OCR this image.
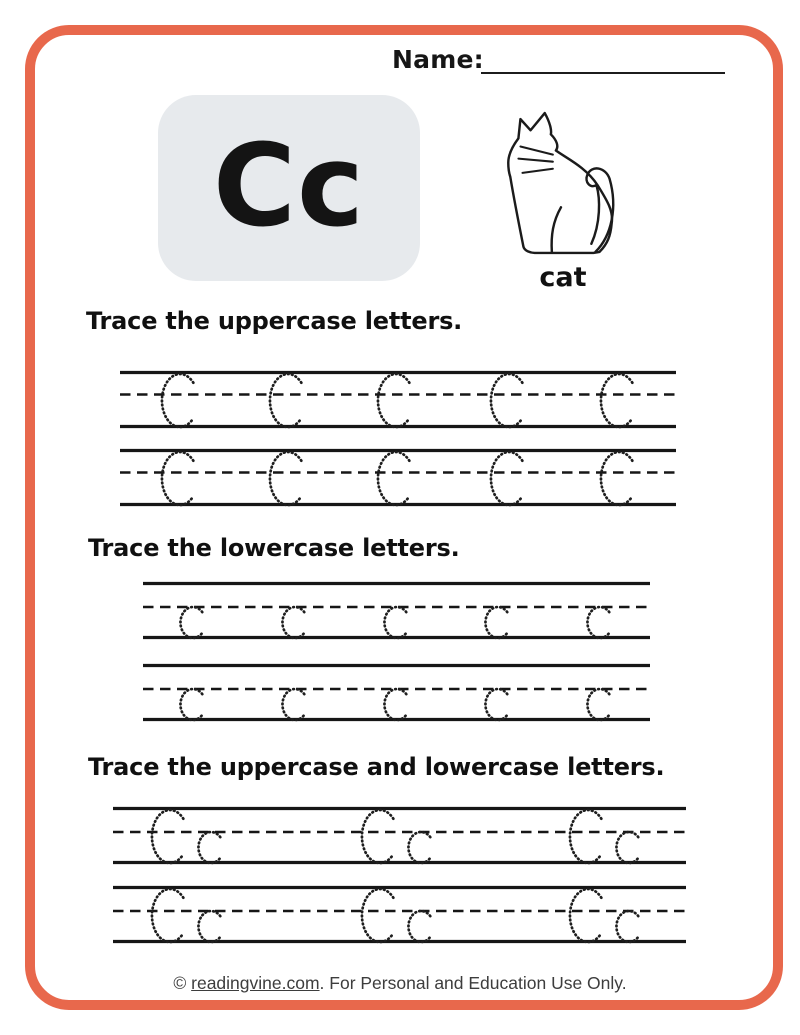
Name:
Cc
cat
Trace the uppercase letters.
Trace the lowercase letters.
Trace the uppercase and lowercase letters.
© readingvine.com. For Personal and Education Use Only.
